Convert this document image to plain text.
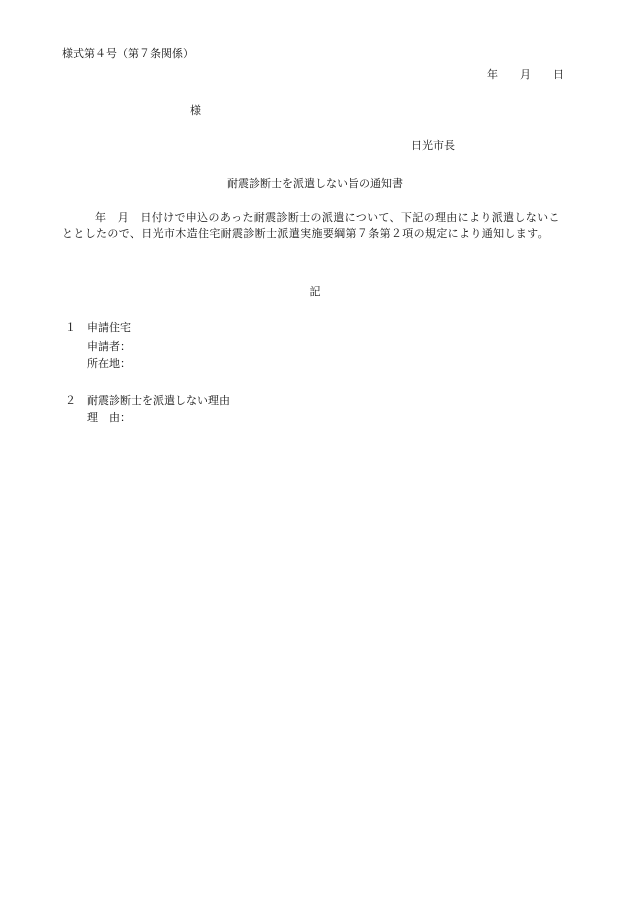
様式第４号（第７条関係）
年 月 日
様
日光市長
耐震診断士を派遣しない旨の通知書
年　月　日付けで申込のあった耐震診断士の派遣について、下記の理由により派遣しないこととしたので、日光市木造住宅耐震診断士派遣実施要綱第７条第２項の規定により通知します。
記
１ 申請住宅
申請者：
所在地：
２ 耐震診断士を派遣しない理由
理　由：
